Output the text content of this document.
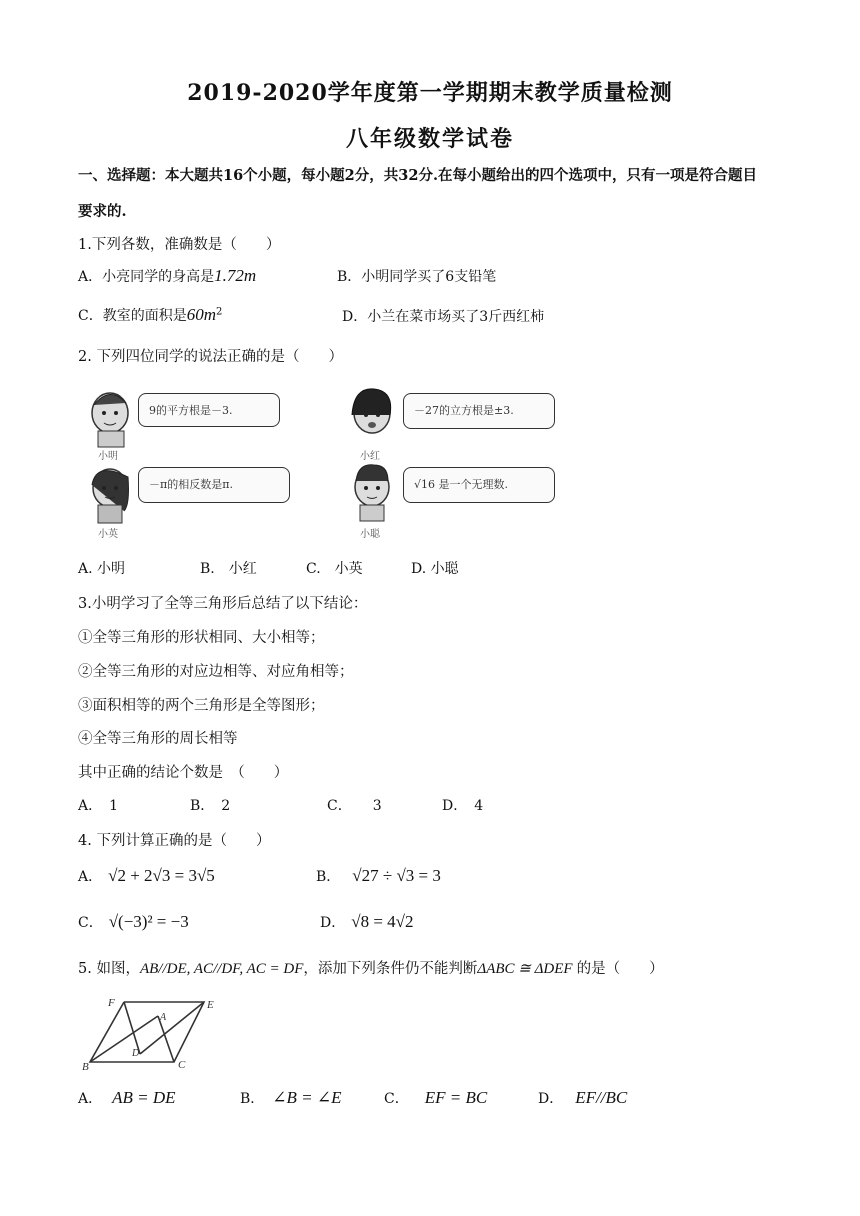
2019-2020学年度第一学期期末教学质量检测
八年级数学试卷
一、选择题：本大题共16个小题，每小题2分，共32分.在每小题给出的四个选项中，只有一项是符合题目
要求的.
1.下列各数，准确数是（　　）
A．小亮同学的身高是1.72m	B．小明同学买了6支铅笔
C．教室的面积是$60m^2$	D．小兰在菜市场买了3斤西红柿
2. 下列四位同学的说法正确的是（　　）
9的平方根是－3.
小明
－π的相反数是π.
小英
－27的立方根是±3.
小红
√16 是一个无理数.
小聪
A. 小明	B.　小红	C.　小英	D. 小聪
3.小明学习了全等三角形后总结了以下结论：
①全等三角形的形状相同、大小相等；
②全等三角形的对应边相等、对应角相等；
③面积相等的两个三角形是全等图形；
④全等三角形的周长相等
其中正确的结论个数是　（　　）
A．　1	B．　2	C．　　3	D．　4
4. 下列计算正确的是（　　）
A． √2 + 2√3 = 3√5	B． √27 ÷ √3 = 3
C． √(−3)² = −3	D． √8 = 4√2
5. 如图，AB//DE, AC//DF, AC = DF，添加下列条件仍不能判断ΔABC ≅ ΔDEF 的是（　　）
F	E
A
D
B	C
A． AB = DE	B． ∠B = ∠E	C． EF = BC	D． EF//BC
